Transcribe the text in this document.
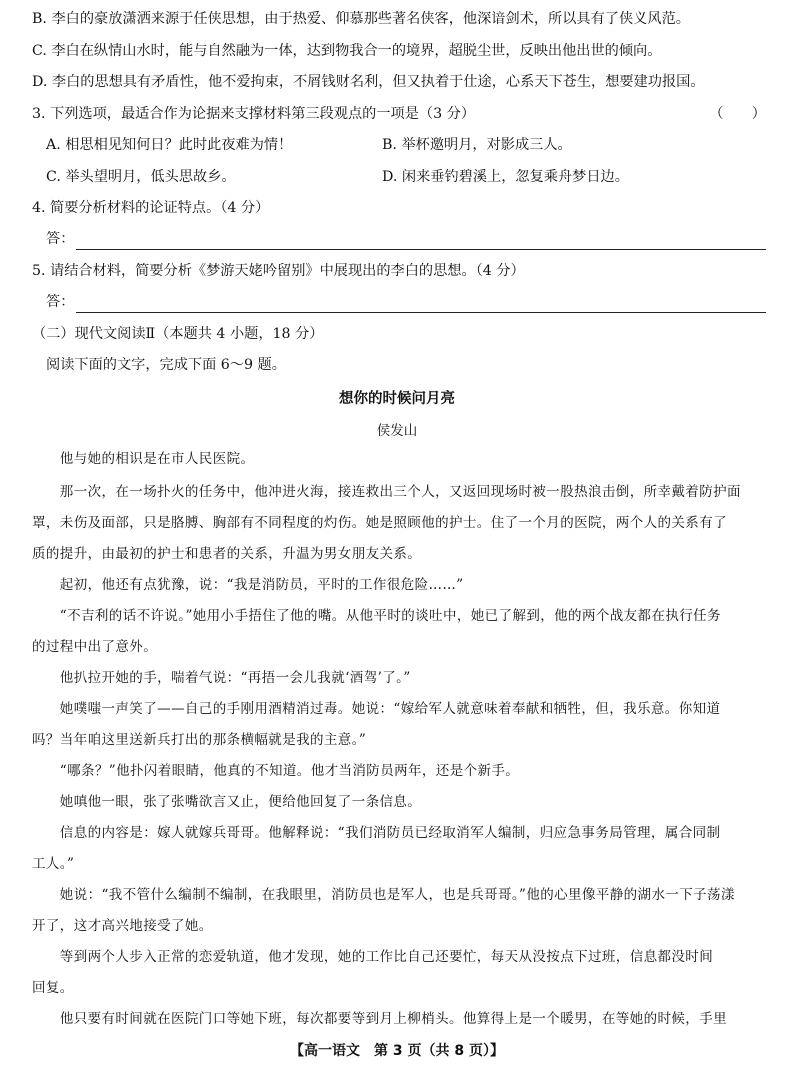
B. 李白的豪放潇洒来源于任侠思想，由于热爱、仰慕那些著名侠客，他深谙剑术，所以具有了侠义风范。
C. 李白在纵情山水时，能与自然融为一体，达到物我合一的境界，超脱尘世，反映出他出世的倾向。
D. 李白的思想具有矛盾性，他不爱拘束，不屑钱财名利，但又执着于仕途，心系天下苍生，想要建功报国。
3. 下列选项，最适合作为论据来支撑材料第三段观点的一项是（3 分）	（　　）
A. 相思相见知何日？此时此夜难为情！	B. 举杯邀明月，对影成三人。
C. 举头望明月，低头思故乡。	D. 闲来垂钓碧溪上，忽复乘舟梦日边。
4. 简要分析材料的论证特点。（4 分）
答：
5. 请结合材料，简要分析《梦游天姥吟留别》中展现出的李白的思想。（4 分）
答：
（二）现代文阅读Ⅱ（本题共 4 小题，18 分）
阅读下面的文字，完成下面 6～9 题。
想你的时候问月亮
侯发山
　　他与她的相识是在市人民医院。
　　那一次，在一场扑火的任务中，他冲进火海，接连救出三个人，又返回现场时被一股热浪击倒，所幸戴着防护面
罩，未伤及面部，只是胳膊、胸部有不同程度的灼伤。她是照顾他的护士。住了一个月的医院，两个人的关系有了
质的提升，由最初的护士和患者的关系，升温为男女朋友关系。
　　起初，他还有点犹豫，说：“我是消防员，平时的工作很危险……”
　　“不吉利的话不许说。”她用小手捂住了他的嘴。从他平时的谈吐中，她已了解到，他的两个战友都在执行任务
的过程中出了意外。
　　他扒拉开她的手，喘着气说：“再捂一会儿我就‘酒驾’了。”
　　她噗嗤一声笑了——自己的手刚用酒精消过毒。她说：“嫁给军人就意味着奉献和牺牲，但，我乐意。你知道
吗？当年咱这里送新兵打出的那条横幅就是我的主意。”
　　“哪条？”他扑闪着眼睛，他真的不知道。他才当消防员两年，还是个新手。
　　她嗔他一眼，张了张嘴欲言又止，便给他回复了一条信息。
　　信息的内容是：嫁人就嫁兵哥哥。他解释说：“我们消防员已经取消军人编制，归应急事务局管理，属合同制
工人。”
　　她说：“我不管什么编制不编制，在我眼里，消防员也是军人，也是兵哥哥。”他的心里像平静的湖水一下子荡漾
开了，这才高兴地接受了她。
　　等到两个人步入正常的恋爱轨道，他才发现，她的工作比自己还要忙，每天从没按点下过班，信息都没时间
回复。
　　他只要有时间就在医院门口等她下班，每次都要等到月上柳梢头。他算得上是一个暖男，在等她的时候，手里
【高一语文　第 3 页（共 8 页）】
